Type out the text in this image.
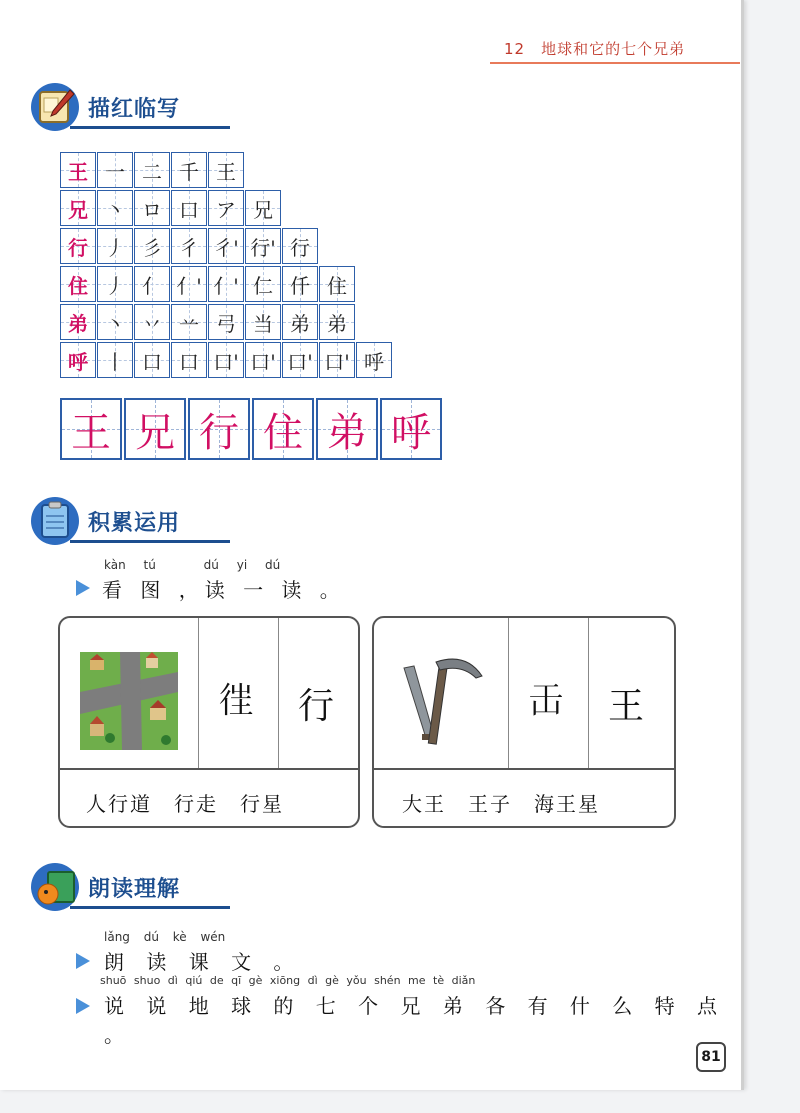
12　地球和它的七个兄弟
描红临写
王 一 二 千 王
兄 丶 ロ 口 ア 兄
行 丿 彡 彳 彳' 行' 行
住 丿 亻 亻' 亻' 仁 仟 住
弟 丶 丷 䒑 弓 当 弟 弟
呼 丨 口 口 口' 口' 口' 口' 呼
王 兄 行 住 弟 呼
积累运用
kàn tú	dú yi dú
看 图 ，读 一 读 。
𢓸 行
人行道　行走　行星
𠙻 王
大王　王子　海王星
朗读理解
lǎng dú kè wén
朗 读 课 文 。
shuō shuo dì qiú de qī gè xiōng dì gè yǒu shén me tè diǎn
说 说 地 球 的 七 个 兄 弟 各 有 什 么 特 点 。
81
